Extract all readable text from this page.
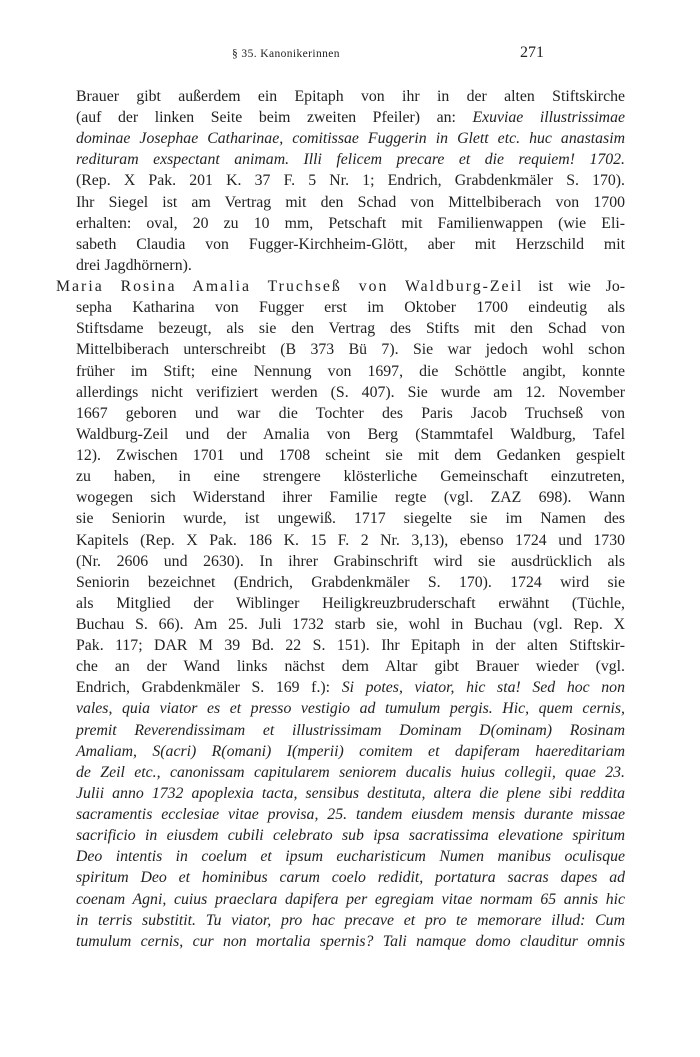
§ 35. Kanonikerinnen	271
Brauer gibt außerdem ein Epitaph von ihr in der alten Stiftskirche
(auf der linken Seite beim zweiten Pfeiler) an: Exuviae illustrissimae
dominae Josephae Catharinae, comitissae Fuggerin in Glett etc. huc anastasim
redituram exspectant animam. Illi felicem precare et die requiem! 1702.
(Rep. X Pak. 201 K. 37 F. 5 Nr. 1; Endrich, Grabdenkmäler S. 170).
Ihr Siegel ist am Vertrag mit den Schad von Mittelbiberach von 1700
erhalten: oval, 20 zu 10 mm, Petschaft mit Familienwappen (wie Eli-
sabeth Claudia von Fugger-Kirchheim-Glött, aber mit Herzschild mit
drei Jagdhörnern).
Maria Rosina Amalia Truchseß von Waldburg-Zeil ist wie Jo-
sepha Katharina von Fugger erst im Oktober 1700 eindeutig als
Stiftsdame bezeugt, als sie den Vertrag des Stifts mit den Schad von
Mittelbiberach unterschreibt (B 373 Bü 7). Sie war jedoch wohl schon
früher im Stift; eine Nennung von 1697, die Schöttle angibt, konnte
allerdings nicht verifiziert werden (S. 407). Sie wurde am 12. November
1667 geboren und war die Tochter des Paris Jacob Truchseß von
Waldburg-Zeil und der Amalia von Berg (Stammtafel Waldburg, Tafel
12). Zwischen 1701 und 1708 scheint sie mit dem Gedanken gespielt
zu haben, in eine strengere klösterliche Gemeinschaft einzutreten,
wogegen sich Widerstand ihrer Familie regte (vgl. ZAZ 698). Wann
sie Seniorin wurde, ist ungewiß. 1717 siegelte sie im Namen des
Kapitels (Rep. X Pak. 186 K. 15 F. 2 Nr. 3,13), ebenso 1724 und 1730
(Nr. 2606 und 2630). In ihrer Grabinschrift wird sie ausdrücklich als
Seniorin bezeichnet (Endrich, Grabdenkmäler S. 170). 1724 wird sie
als Mitglied der Wiblinger Heiligkreuzbruderschaft erwähnt (Tüchle,
Buchau S. 66). Am 25. Juli 1732 starb sie, wohl in Buchau (vgl. Rep. X
Pak. 117; DAR M 39 Bd. 22 S. 151). Ihr Epitaph in der alten Stiftskir-
che an der Wand links nächst dem Altar gibt Brauer wieder (vgl.
Endrich, Grabdenkmäler S. 169 f.): Si potes, viator, hic sta! Sed hoc non
vales, quia viator es et presso vestigio ad tumulum pergis. Hic, quem cernis,
premit Reverendissimam et illustrissimam Dominam D(ominam) Rosinam
Amaliam, S(acri) R(omani) I(mperii) comitem et dapiferam haereditariam
de Zeil etc., canonissam capitularem seniorem ducalis huius collegii, quae 23.
Julii anno 1732 apoplexia tacta, sensibus destituta, altera die plene sibi reddita
sacramentis ecclesiae vitae provisa, 25. tandem eiusdem mensis durante missae
sacrificio in eiusdem cubili celebrato sub ipsa sacratissima elevatione spiritum
Deo intentis in coelum et ipsum eucharisticum Numen manibus oculisque
spiritum Deo et hominibus carum coelo redidit, portatura sacras dapes ad
coenam Agni, cuius praeclara dapifera per egregiam vitae normam 65 annis hic
in terris substitit. Tu viator, pro hac precave et pro te memorare illud: Cum
tumulum cernis, cur non mortalia spernis? Tali namque domo clauditur omnis
